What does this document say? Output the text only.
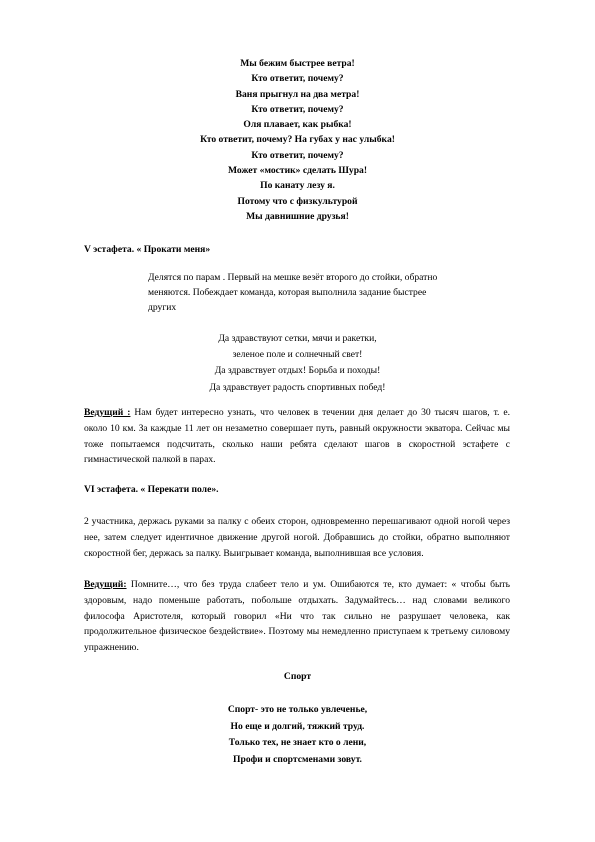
Мы бежим быстрее ветра!
Кто ответит, почему?
Ваня прыгнул на два метра!
Кто ответит, почему?
Оля плавает, как рыбка!
Кто ответит, почему? На губах у нас улыбка!
Кто ответит, почему?
Может «мостик» сделать Шура!
По канату лезу я.
Потому что с физкультурой
Мы давнишние друзья!
V эстафета. « Прокати меня»
Делятся по парам . Первый на мешке везёт второго до стойки, обратно меняются. Побеждает команда, которая выполнила задание быстрее других
Да здравствуют сетки, мячи и ракетки,
зеленое поле и солнечный свет!
Да здравствует отдых! Борьба и походы!
Да здравствует радость спортивных побед!
Ведущий : Нам будет интересно узнать, что человек в течении дня делает до 30 тысяч шагов, т. е. около 10 км. За каждые 11 лет он незаметно совершает путь, равный окружности экватора. Сейчас мы тоже попытаемся подсчитать, сколько наши ребята сделают шагов в скоростной эстафете с гимнастической палкой в парах.
VI эстафета. « Перекати поле».
2 участника, держась руками за палку с обеих сторон, одновременно перешагивают одной ногой через нее, затем следует идентичное движение другой ногой. Добравшись до стойки, обратно выполняют скоростной бег, держась за палку. Выигрывает команда, выполнившая все условия.
Ведущий: Помните…, что без труда слабеет тело и ум. Ошибаются те, кто думает: « чтобы быть здоровым, надо поменьше работать, побольше отдыхать. Задумайтесь… над словами великого философа Аристотеля, который говорил «Ни что так сильно не разрушает человека, как продолжительное физическое бездействие». Поэтому мы немедленно приступаем к третьему силовому упражнению.
Спорт
Спорт- это не только увлеченье,
Но еще и долгий, тяжкий труд.
Только тех, не знает кто о лени,
Профи и спортсменами зовут.
